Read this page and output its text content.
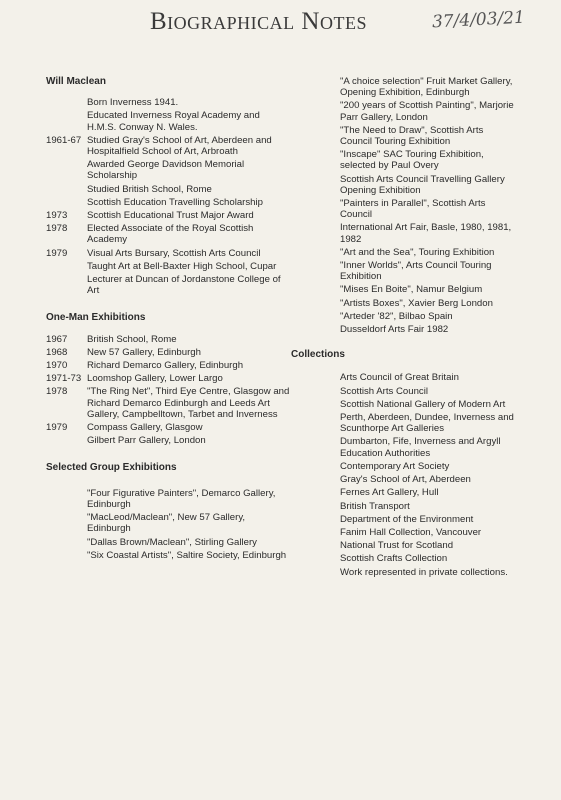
Biographical Notes	37/4/03/21
Will Maclean
Born Inverness 1941.
Educated Inverness Royal Academy and H.M.S. Conway N. Wales.
1961-67 Studied Gray's School of Art, Aberdeen and Hospitalfield School of Art, Arbroath
Awarded George Davidson Memorial Scholarship
Studied British School, Rome
Scottish Education Travelling Scholarship
1973	Scottish Educational Trust Major Award
1978	Elected Associate of the Royal Scottish Academy
1979	Visual Arts Bursary, Scottish Arts Council
Taught Art at Bell-Baxter High School, Cupar
Lecturer at Duncan of Jordanstone College of Art
One-Man Exhibitions
1967	British School, Rome
1968	New 57 Gallery, Edinburgh
1970	Richard Demarco Gallery, Edinburgh
1971-73 Loomshop Gallery, Lower Largo
1978	"The Ring Net", Third Eye Centre, Glasgow and Richard Demarco Edinburgh and Leeds Art Gallery, Campbelltown, Tarbet and Inverness
1979	Compass Gallery, Glasgow
Gilbert Parr Gallery, London
Selected Group Exhibitions
"Four Figurative Painters", Demarco Gallery, Edinburgh
"MacLeod/Maclean", New 57 Gallery, Edinburgh
"Dallas Brown/Maclean", Stirling Gallery
"Six Coastal Artists", Saltire Society, Edinburgh
"A choice selection" Fruit Market Gallery, Opening Exhibition, Edinburgh
"200 years of Scottish Painting", Marjorie Parr Gallery, London
"The Need to Draw", Scottish Arts Council Touring Exhibition
"Inscape" SAC Touring Exhibition, selected by Paul Overy
Scottish Arts Council Travelling Gallery Opening Exhibition
"Painters in Parallel", Scottish Arts Council
International Art Fair, Basle, 1980, 1981, 1982
"Art and the Sea", Touring Exhibition
"Inner Worlds", Arts Council Touring Exhibition
"Mises En Boite", Namur Belgium
"Artists Boxes", Xavier Berg London
"Arteder '82", Bilbao Spain
Dusseldorf Arts Fair 1982
Collections
Arts Council of Great Britain
Scottish Arts Council
Scottish National Gallery of Modern Art
Perth, Aberdeen, Dundee, Inverness and Scunthorpe Art Galleries
Dumbarton, Fife, Inverness and Argyll Education Authorities
Contemporary Art Society
Gray's School of Art, Aberdeen
Fernes Art Gallery, Hull
British Transport
Department of the Environment
Fanim Hall Collection, Vancouver
National Trust for Scotland
Scottish Crafts Collection
Work represented in private collections.
